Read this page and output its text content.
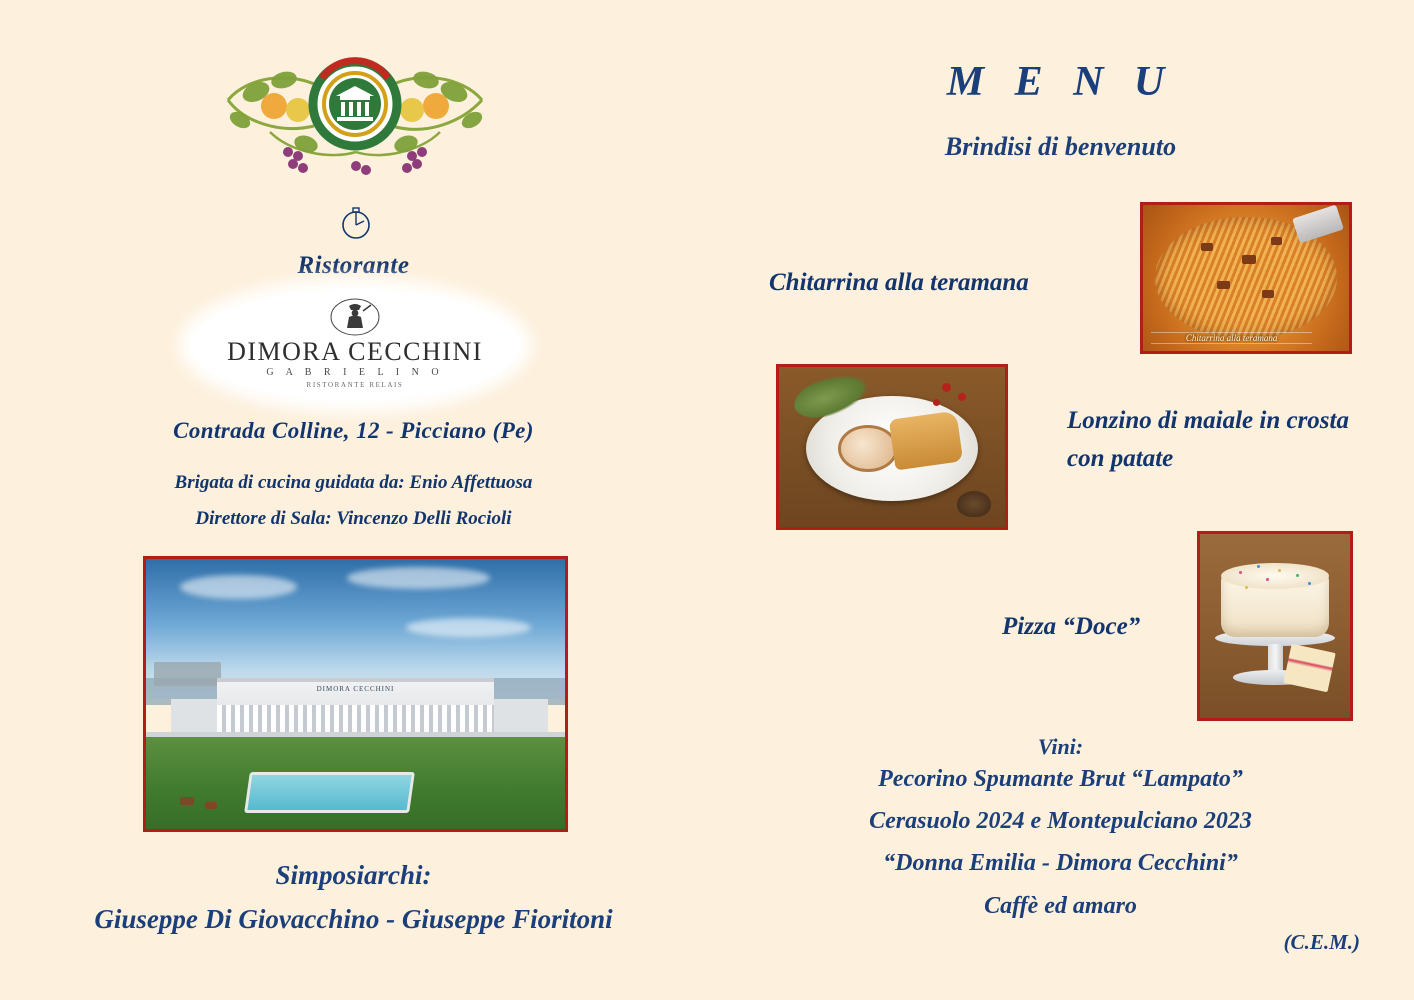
Ristorante
DIMORA CECCHINI
G A B R I E L I N O
RISTORANTE RELAIS
Contrada Colline, 12 - Picciano (Pe)
Brigata di cucina guidata da: Enio Affettuosa
Direttore di Sala: Vincenzo Delli Rocioli
DIMORA CECCHINI
Simposiarchi:
Giuseppe Di Giovacchino - Giuseppe Fioritoni
M E N U
Brindisi di benvenuto
Chitarrina alla teramana
Lonzino di maiale in crosta con patate
Pizza “Doce”
Vini:
Pecorino Spumante Brut “Lampato”
Cerasuolo 2024 e Montepulciano 2023
“Donna Emilia - Dimora Cecchini”
Caffè ed amaro
(C.E.M.)
Chitarrina alla teramana
